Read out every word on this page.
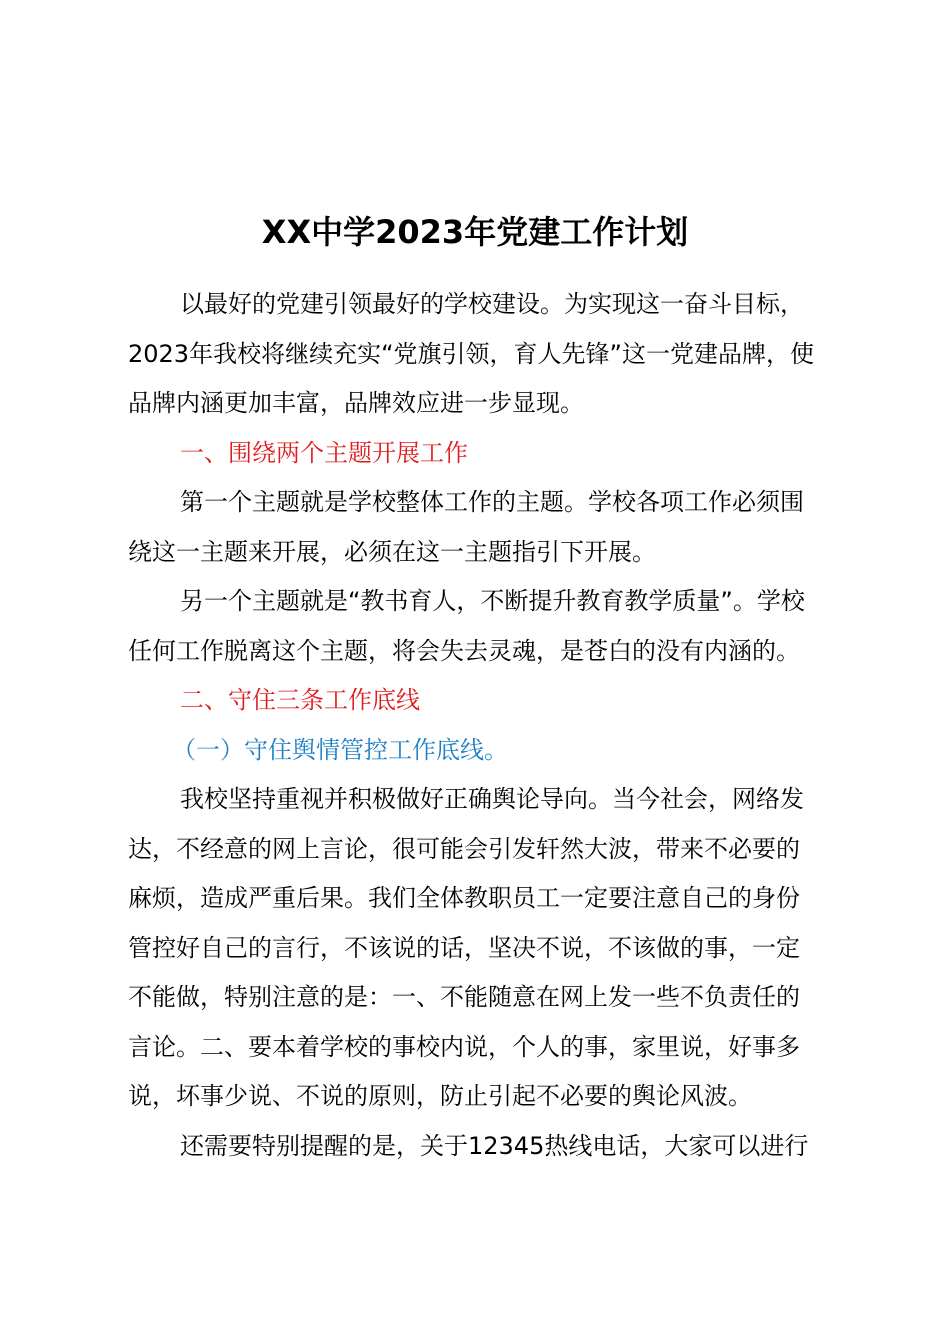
XX中学2023年党建工作计划
以最好的党建引领最好的学校建设。为实现这一奋斗目标，
2023年我校将继续充实“党旗引领，育人先锋”这一党建品牌，使
品牌内涵更加丰富，品牌效应进一步显现。
一、围绕两个主题开展工作
第一个主题就是学校整体工作的主题。学校各项工作必须围
绕这一主题来开展，必须在这一主题指引下开展。
另一个主题就是“教书育人，不断提升教育教学质量”。学校
任何工作脱离这个主题，将会失去灵魂，是苍白的没有内涵的。
二、守住三条工作底线
（一）守住舆情管控工作底线。
我校坚持重视并积极做好正确舆论导向。当今社会，网络发
达，不经意的网上言论，很可能会引发轩然大波，带来不必要的
麻烦，造成严重后果。我们全体教职员工一定要注意自己的身份
管控好自己的言行，不该说的话，坚决不说，不该做的事，一定
不能做，特别注意的是：一、不能随意在网上发一些不负责任的
言论。二、要本着学校的事校内说，个人的事，家里说，好事多
说，坏事少说、不说的原则，防止引起不必要的舆论风波。
还需要特别提醒的是，关于12345热线电话，大家可以进行
